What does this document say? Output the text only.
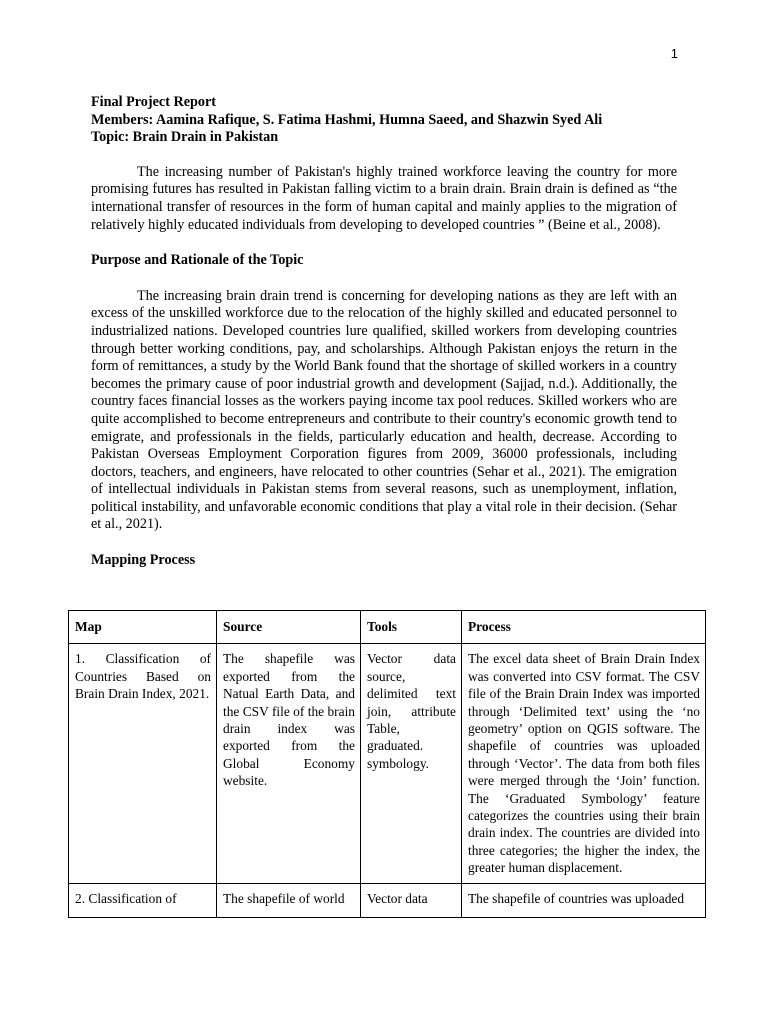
1

Final Project Report

Members: Aamina Rafique, S. Fatima Hashmi, Humna Saeed, and Shazwin Syed Ali

Topic: Brain Drain in Pakistan

The increasing number of Pakistan's highly trained workforce leaving the country for more promising futures has resulted in Pakistan falling victim to a brain drain. Brain drain is defined as “the international transfer of resources in the form of human capital and mainly applies to the migration of relatively highly educated individuals from developing to developed countries ” (Beine et al., 2008).

Purpose and Rationale of the Topic

The increasing brain drain trend is concerning for developing nations as they are left with an excess of the unskilled workforce due to the relocation of the highly skilled and educated personnel to industrialized nations. Developed countries lure qualified, skilled workers from developing countries through better working conditions, pay, and scholarships. Although Pakistan enjoys the return in the form of remittances, a study by the World Bank found that the shortage of skilled workers in a country becomes the primary cause of poor industrial growth and development (Sajjad, n.d.). Additionally, the country faces financial losses as the workers paying income tax pool reduces. Skilled workers who are quite accomplished to become entrepreneurs and contribute to their country's economic growth tend to emigrate, and professionals in the fields, particularly education and health, decrease. According to Pakistan Overseas Employment Corporation figures from 2009, 36000 professionals, including doctors, teachers, and engineers, have relocated to other countries (Sehar et al., 2021). The emigration of intellectual individuals in Pakistan stems from several reasons, such as unemployment, inflation, political instability, and unfavorable economic conditions that play a vital role in their decision. (Sehar et al., 2021).

Mapping Process

Map	Source	Tools	Process
1. Classification of Countries Based on Brain Drain Index, 2021.	The shapefile was exported from the Natual Earth Data, and the CSV file of the brain drain index was exported from the Global Economy website.	Vector data source, delimited text join, attribute Table, graduated. symbology.	The excel data sheet of Brain Drain Index was converted into CSV format. The CSV file of the Brain Drain Index was imported through ‘Delimited text’ using the ‘no geometry’ option on QGIS software. The shapefile of countries was uploaded through ‘Vector’. The data from both files were merged through the ‘Join’ function. The ‘Graduated Symbology’ feature categorizes the countries using their brain drain index. The countries are divided into three categories; the higher the index, the greater human displacement.

2. Classification of	The shapefile of world	Vector data	The shapefile of countries was uploaded
